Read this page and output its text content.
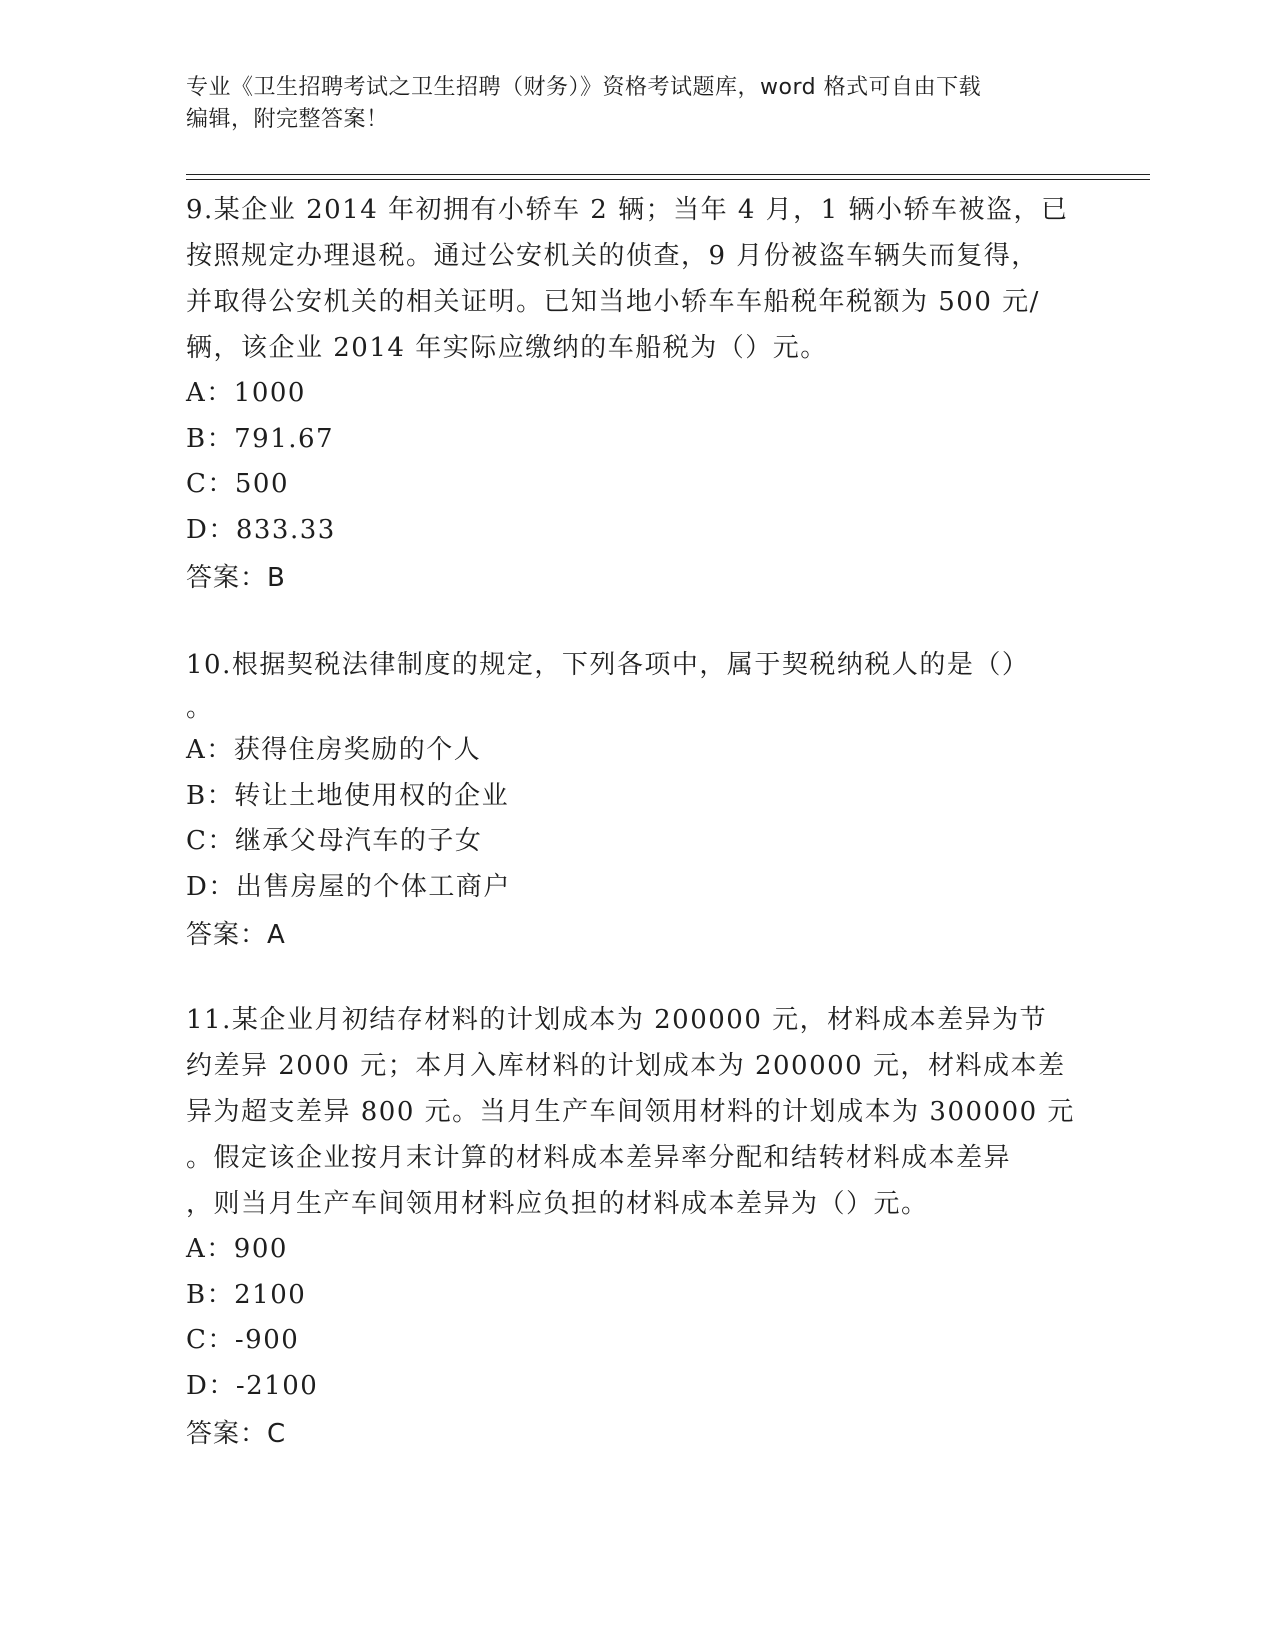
专业《卫生招聘考试之卫生招聘（财务）》资格考试题库，word 格式可自由下载
编辑，附完整答案！
9.某企业 2014 年初拥有小轿车 2 辆；当年 4 月，1 辆小轿车被盗，已
按照规定办理退税。通过公安机关的侦查，9 月份被盗车辆失而复得，
并取得公安机关的相关证明。已知当地小轿车车船税年税额为 500 元/
辆，该企业 2014 年实际应缴纳的车船税为（）元。
A：1000
B：791.67
C：500
D：833.33
答案：B
10.根据契税法律制度的规定，下列各项中，属于契税纳税人的是（）
。
A：获得住房奖励的个人
B：转让土地使用权的企业
C：继承父母汽车的子女
D：出售房屋的个体工商户
答案：A
11.某企业月初结存材料的计划成本为 200000 元，材料成本差异为节
约差异 2000 元；本月入库材料的计划成本为 200000 元，材料成本差
异为超支差异 800 元。当月生产车间领用材料的计划成本为 300000 元
。假定该企业按月末计算的材料成本差异率分配和结转材料成本差异
，则当月生产车间领用材料应负担的材料成本差异为（）元。
A：900
B：2100
C：-900
D：-2100
答案：C
